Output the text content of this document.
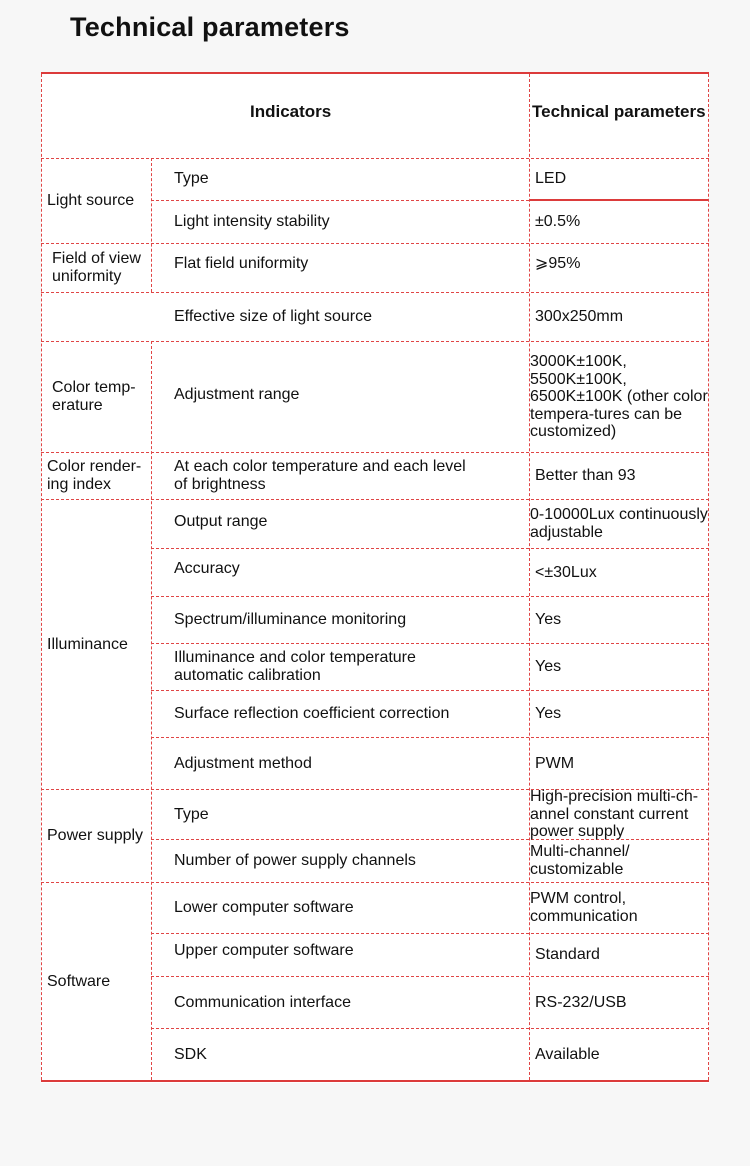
Technical parameters
Indicators	Technical parameters
Light source
Field of view uniformity
Color temp-erature
Color render-ing index
Illuminance
Power supply
Software
Type
Light intensity stability
Flat field uniformity
Effective size of light source
Adjustment range
At each color temperature and each level of brightness
Output range
Accuracy
Spectrum/illuminance monitoring
Illuminance and color temperature automatic calibration
Surface reflection coefficient correction
Adjustment method
Type
Number of power supply channels
Lower computer software
Upper computer software
Communication interface
SDK
LED
±0.5%
⩾95%
300x250mm
3000K±100K, 5500K±100K, 6500K±100K (other color tempera-tures can be customized)
Better than 93
0-10000Lux continuously adjustable
<±30Lux
Yes
Yes
Yes
PWM
High-precision multi-ch-annel constant current power supply
Multi-channel/ customizable
PWM control, communication
Standard
RS-232/USB
Available
